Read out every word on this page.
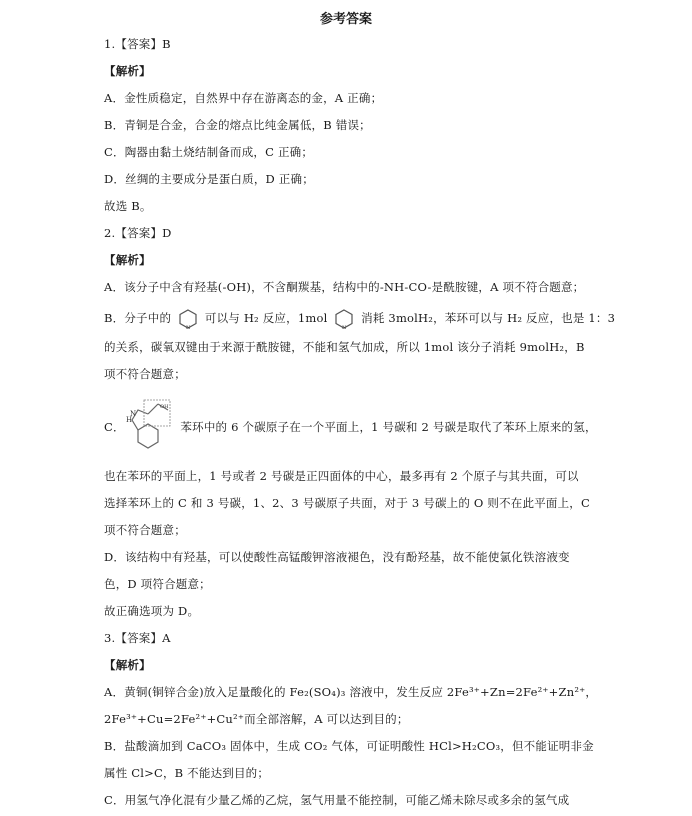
参考答案
1.【答案】B
【解析】
A．金性质稳定，自然界中存在游离态的金，A 正确；
B．青铜是合金，合金的熔点比纯金属低，B 错误；
C．陶器由黏土烧结制备而成，C 正确；
D．丝绸的主要成分是蛋白质，D 正确；
故选 B。
2.【答案】D
【解析】
A．该分子中含有羟基(-OH)，不含酮羰基，结构中的-NH-CO-是酰胺键，A 项不符合题意；
B．分子中的
N
可以与 H₂ 反应，1mol
N
消耗 3molH₂，苯环可以与 H₂ 反应，也是 1：3
的关系，碳氧双键由于来源于酰胺键，不能和氢气加成，所以 1mol 该分子消耗 9molH₂，B
项不符合题意；
H
N
OH
C．	苯环中的 6 个碳原子在一个平面上，1 号碳和 2 号碳是取代了苯环上原来的氢，
也在苯环的平面上，1 号或者 2 号碳是正四面体的中心，最多再有 2 个原子与其共面，可以
选择苯环上的 C 和 3 号碳，1、2、3 号碳原子共面，对于 3 号碳上的 O 则不在此平面上，C
项不符合题意；
D．该结构中有羟基，可以使酸性高锰酸钾溶液褪色，没有酚羟基，故不能使氯化铁溶液变
色，D 项符合题意；
故正确选项为 D。
3.【答案】A
【解析】
A．黄铜(铜锌合金)放入足量酸化的 Fe₂(SO₄)₃ 溶液中，发生反应 2Fe³⁺+Zn=2Fe²⁺+Zn²⁺，
2Fe³⁺+Cu=2Fe²⁺+Cu²⁺而全部溶解，A 可以达到目的；
B．盐酸滴加到 CaCO₃ 固体中，生成 CO₂ 气体，可证明酸性 HCl>H₂CO₃，但不能证明非金
属性 Cl>C，B 不能达到目的；
C．用氢气净化混有少量乙烯的乙烷，氢气用量不能控制，可能乙烯未除尽或多余的氢气成
